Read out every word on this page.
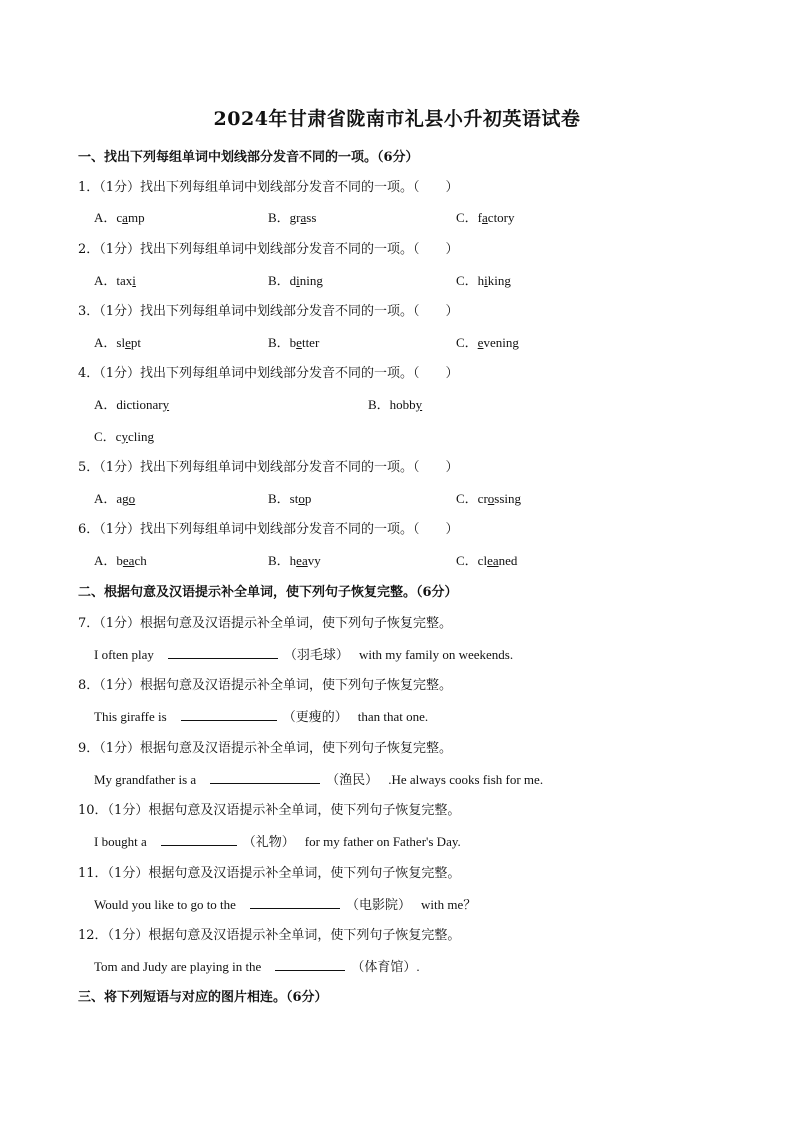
2024年甘肃省陇南市礼县小升初英语试卷
一、找出下列每组单词中划线部分发音不同的一项。（6分）
1．（1分）找出下列每组单词中划线部分发音不同的一项。（　　）
A．camp	B．grass	C．factory
2．（1分）找出下列每组单词中划线部分发音不同的一项。（　　）
A．taxi	B．dining	C．hiking
3．（1分）找出下列每组单词中划线部分发音不同的一项。（　　）
A．slept	B．better	C．evening
4．（1分）找出下列每组单词中划线部分发音不同的一项。（　　）
A．dictionary	B．hobby
C．cycling
5．（1分）找出下列每组单词中划线部分发音不同的一项。（　　）
A．ago	B．stop	C．crossing
6．（1分）找出下列每组单词中划线部分发音不同的一项。（　　）
A．beach	B．heavy	C．cleaned
二、根据句意及汉语提示补全单词，使下列句子恢复完整。（6分）
7．（1分）根据句意及汉语提示补全单词，使下列句子恢复完整。
I often play	（羽毛球） with my family on weekends.
8．（1分）根据句意及汉语提示补全单词，使下列句子恢复完整。
This giraffe is	（更瘦的） than that one.
9．（1分）根据句意及汉语提示补全单词，使下列句子恢复完整。
My grandfather is a	（渔民） .He always cooks fish for me.
10．（1分）根据句意及汉语提示补全单词，使下列句子恢复完整。
I bought a	（礼物） for my father on Father's Day.
11．（1分）根据句意及汉语提示补全单词，使下列句子恢复完整。
Would you like to go to the	（电影院） with me？
12．（1分）根据句意及汉语提示补全单词，使下列句子恢复完整。
Tom and Judy are playing in the	（体育馆）.
三、将下列短语与对应的图片相连。（6分）
